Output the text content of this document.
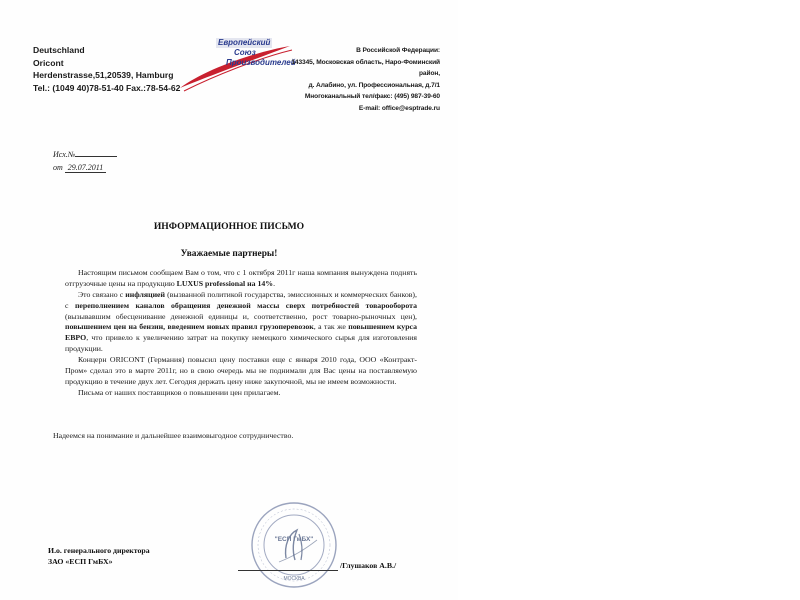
Deutschland
Oricont
Herdenstrasse,51,20539, Hamburg
Tel.: (1049 40)78-51-40 Fax.:78-54-62
Европейский
Союз
Производителей
В Российской Федерации:
143345, Московская область, Наро-Фоминский район,
д. Алабино, ул. Профессиональная, д.7/1
Многоканальный тел/факс: (495) 987-39-60
E-mail: office@esptrade.ru
Исх.№
от 29.07.2011
ИНФОРМАЦИОННОЕ ПИСЬМО
Уважаемые партнеры!

Настоящим письмом сообщаем Вам о том, что с 1 октября 2011г наша компания вынуждена поднять отгрузочные цены на продукцию LUXUS professional на 14%.

Это связано с инфляцией (вызванной политикой государства, эмиссионных и коммерческих банков), с переполнением каналов обращения денежной массы сверх потребностей товарооборота (вызывавшим обесценивание денежной единицы и, соответственно, рост товарно-рыночных цен), повышением цен на бензин, введением новых правил грузоперевозок, а так же повышением курса ЕВРО, что привело к увеличению затрат на покупку немецкого химического сырья для изготовления продукции.

Концерн ORICONT (Германия) повысил цену поставки еще с января 2010 года, ООО «Контракт-Пром» сделал это в марте 2011г, но в свою очередь мы не поднимали для Вас цены на поставляемую продукцию в течение двух лет. Сегодня держать цену ниже закупочной, мы не имеем возможности.

Письма от наших поставщиков о повышении цен прилагаем.

Надеемся на понимание и дальнейшее взаимовыгодное сотрудничество.
"ЕСП ГмБХ"
МОСКВА
И.о. генерального директора
ЗАО «ЕСП ГмБХ»	/Глушаков А.В./
